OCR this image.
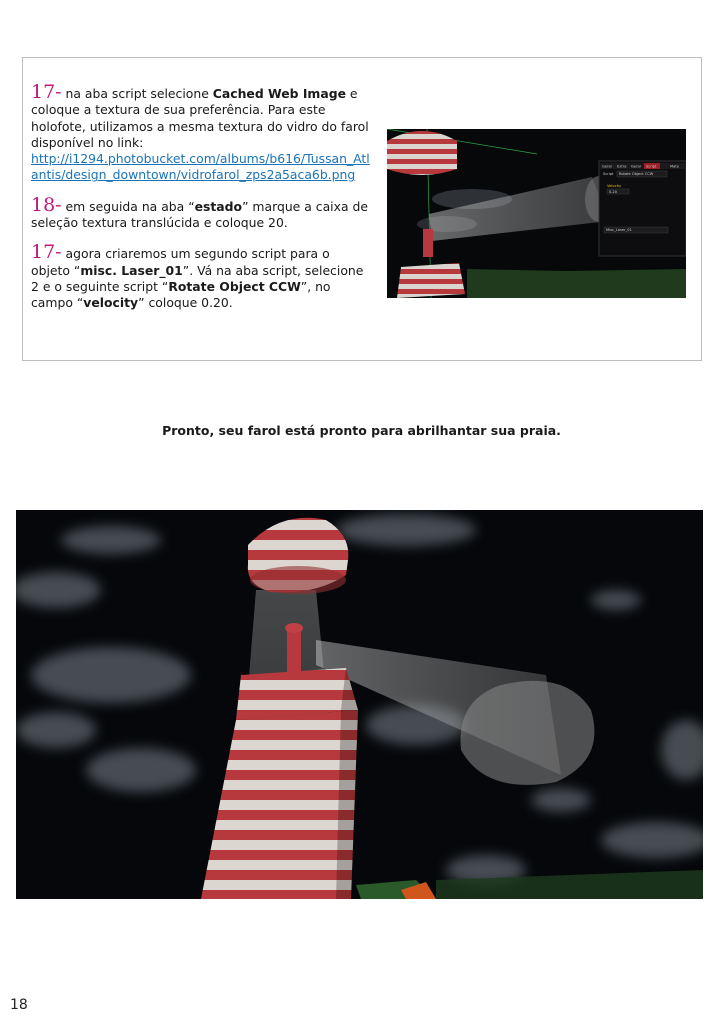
17- na aba script selecione Cached Web Image e coloque a textura de sua preferência. Para este holofote, utilizamos a mesma textura do vidro do farol disponível no link:
http://i1294.photobucket.com/albums/b616/Tussan_Atlantis/design_downtown/vidrofarol_zps2a5aca6b.png

18- em seguida na aba “estado” marque a caixa de seleção textura translúcida e coloque 20.

17- agora criaremos um segundo script para o objeto “misc. Laser_01”. Vá na aba script, selecione 2 e o seguinte script “Rotate Object CCW”, no campo “velocity” coloque 0.20.

Geral Extra Geral Script	Mate
Script Rotate Object CCW
Velocity
0.20
Misc_Laser_01
Pronto, seu farol está pronto para abrilhantar sua praia.
18
